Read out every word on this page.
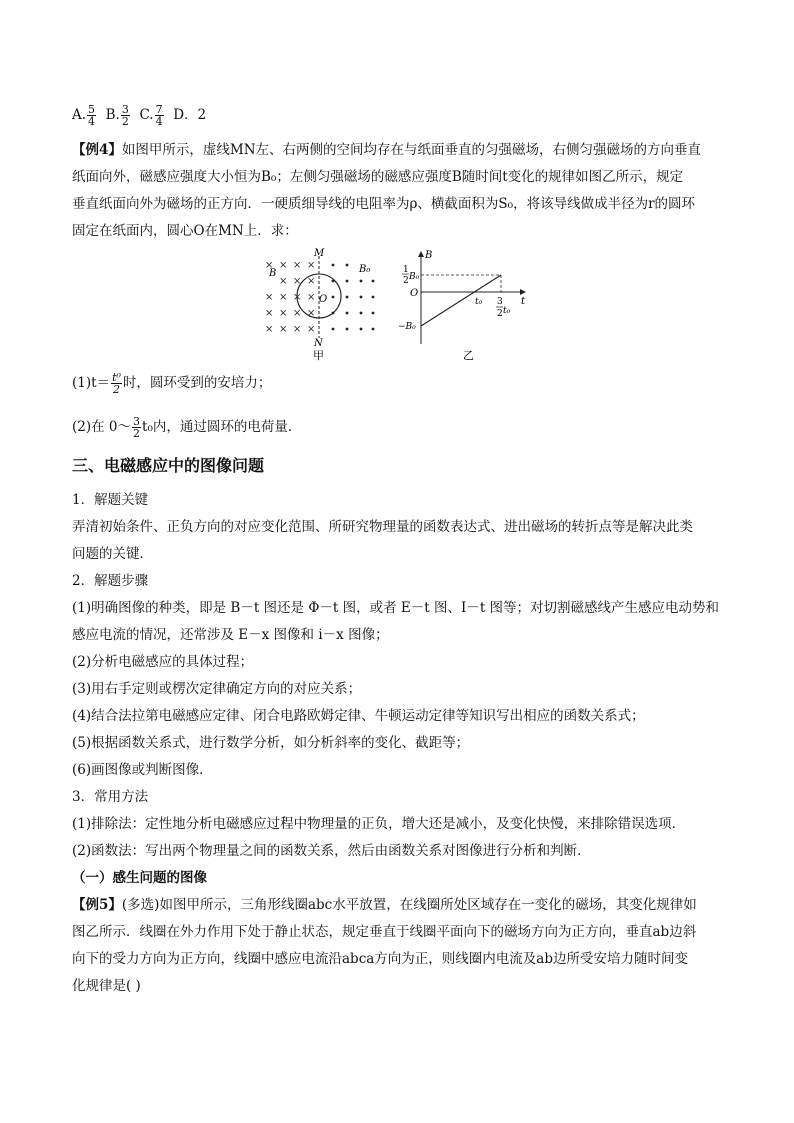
A. $\frac{5}{4} B$. $\frac{3}{2} C$. $\frac{7}{4}$ D．2
【例4】如图甲所示，虚线MN左、右两侧的空间均存在与纸面垂直的匀强磁场，右侧匀强磁场的方向垂直
纸面向外，磁感应强度大小恒为B₀；左侧匀强磁场的磁感应强度B随时间t变化的规律如图乙所示，规定
垂直纸面向外为磁场的正方向．一硬质细导线的电阻率为ρ、横截面积为S₀，将该导线做成半径为r的圆环
固定在纸面内，圆心O在MN上．求：
× × × ×
× × ×
× × × ×
× × × ×
× × × ×
M
N
B	B₀
O
甲
B
1
2 B₀
O
t
t₀ 3
2 t₀
−B₀
乙
$(1)t= \frac{\text{t⁰}}{2}$ 时，圆环受到的安培力；
(2)在 0～ $\frac{3}{2} t_0$内，通过圆环的电荷量．
三、电磁感应中的图像问题
1．解题关键
弄清初始条件、正负方向的对应变化范围、所研究物理量的函数表达式、进出磁场的转折点等是解决此类
问题的关键．
2．解题步骤
(1)明确图像的种类，即是 B－t 图还是 Φ－t 图，或者 E－t 图、I－t 图等；对切割磁感线产生感应电动势和
感应电流的情况，还常涉及 E－x 图像和 i－x 图像；
(2)分析电磁感应的具体过程；
(3)用右手定则或楞次定律确定方向的对应关系；
(4)结合法拉第电磁感应定律、闭合电路欧姆定律、牛顿运动定律等知识写出相应的函数关系式；
(5)根据函数关系式，进行数学分析，如分析斜率的变化、截距等；
(6)画图像或判断图像．
3．常用方法
(1)排除法：定性地分析电磁感应过程中物理量的正负，增大还是减小，及变化快慢，来排除错误选项．
(2)函数法：写出两个物理量之间的函数关系，然后由函数关系对图像进行分析和判断．
（一）感生问题的图像
【例5】(多选)如图甲所示，三角形线圈abc水平放置，在线圈所处区域存在一变化的磁场，其变化规律如
图乙所示．线圈在外力作用下处于静止状态，规定垂直于线圈平面向下的磁场方向为正方向，垂直ab边斜
向下的受力方向为正方向，线圈中感应电流沿abca方向为正，则线圈内电流及ab边所受安培力随时间变
化规律是( )
